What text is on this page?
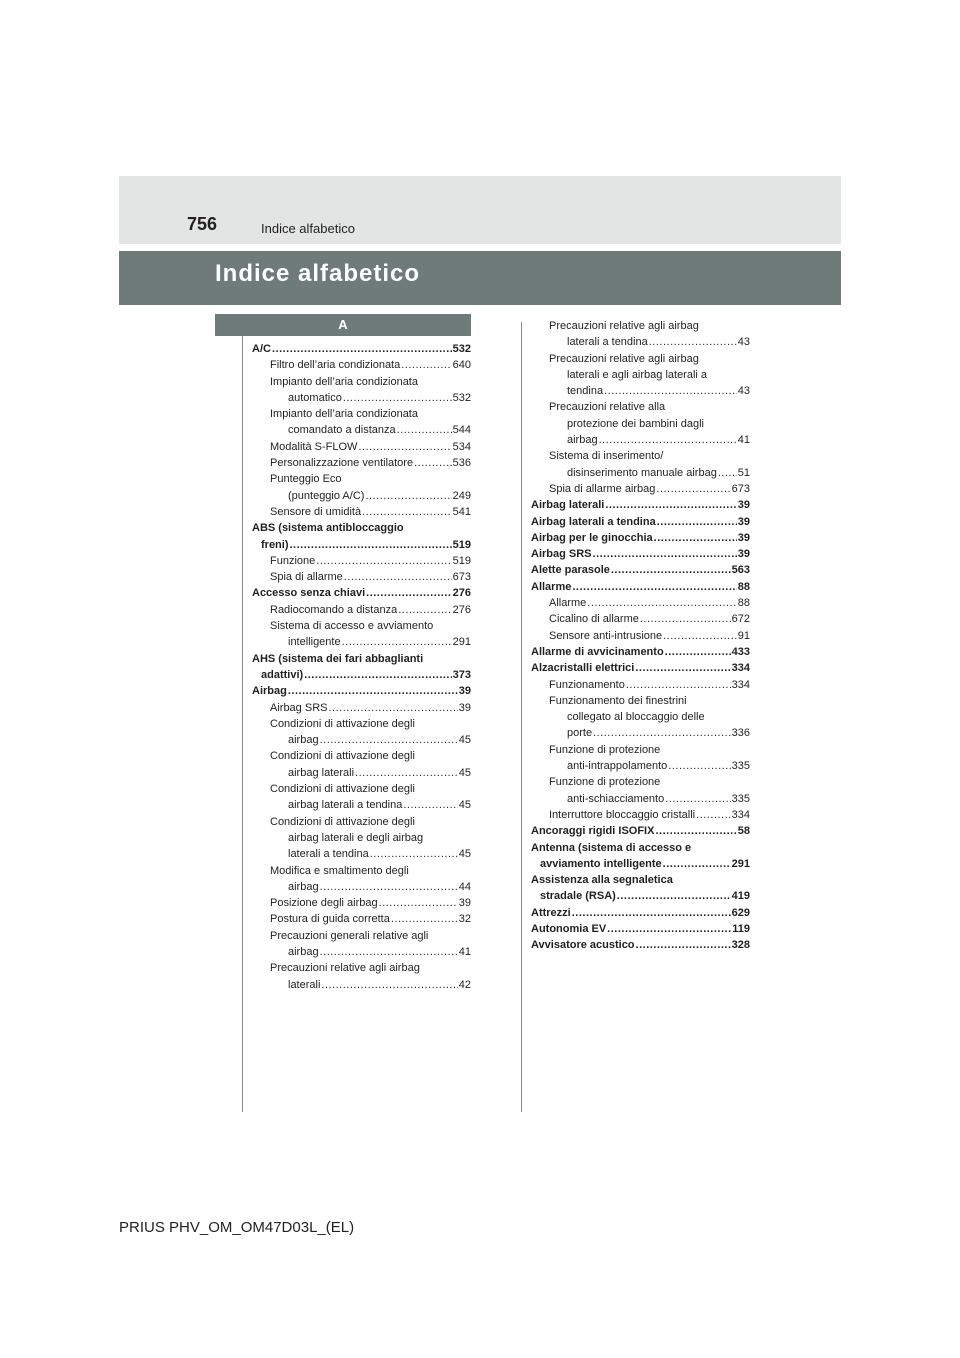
756	Indice alfabetico
Indice alfabetico
A
A/C .....	532
Filtro dell’aria condizionata .....	640
Impianto dell’aria condizionata
automatico .....	532
Impianto dell’aria condizionata
comandato a distanza .....	544
Modalità S-FLOW .....	534
Personalizzazione ventilatore .....	536
Punteggio Eco
(punteggio A/C) .....	249
Sensore di umidità .....	541
ABS (sistema antibloccaggio
freni) .....	519
Funzione .....	519
Spia di allarme .....	673
Accesso senza chiavi .....	276
Radiocomando a distanza .....	276
Sistema di accesso e avviamento
intelligente .....	291
AHS (sistema dei fari abbaglianti
adattivi) .....	373
Airbag .....	39
Airbag SRS .....	39
Condizioni di attivazione degli
airbag .....	45
Condizioni di attivazione degli
airbag laterali .....	45
Condizioni di attivazione degli
airbag laterali a tendina .....	45
Condizioni di attivazione degli
airbag laterali e degli airbag
laterali a tendina .....	45
Modifica e smaltimento degli
airbag .....	44
Posizione degli airbag .....	39
Postura di guida corretta .....	32
Precauzioni generali relative agli
airbag .....	41
Precauzioni relative agli airbag
laterali .....	42
Precauzioni relative agli airbag
laterali a tendina .....	43
Precauzioni relative agli airbag
laterali e agli airbag laterali a
tendina .....	43
Precauzioni relative alla
protezione dei bambini dagli
airbag .....	41
Sistema di inserimento/
disinserimento manuale airbag ..... 51
Spia di allarme airbag .....	673
Airbag laterali .....	39
Airbag laterali a tendina .....	39
Airbag per le ginocchia .....	39
Airbag SRS .....	39
Alette parasole .....	563
Allarme .....	88
Allarme .....	88
Cicalino di allarme .....	672
Sensore anti-intrusione .....	91
Allarme di avvicinamento .....	433
Alzacristalli elettrici .....	334
Funzionamento .....	334
Funzionamento dei finestrini
collegato al bloccaggio delle
porte .....	336
Funzione di protezione
anti-intrappolamento .....	335
Funzione di protezione
anti-schiacciamento .....	335
Interruttore bloccaggio cristalli .....	334
Ancoraggi rigidi ISOFIX .....	58
Antenna (sistema di accesso e
avviamento intelligente .....	291
Assistenza alla segnaletica
stradale (RSA) .....	419
Attrezzi .....	629
Autonomia EV .....	119
Avvisatore acustico .....	328
PRIUS PHV_OM_OM47D03L_(EL)
